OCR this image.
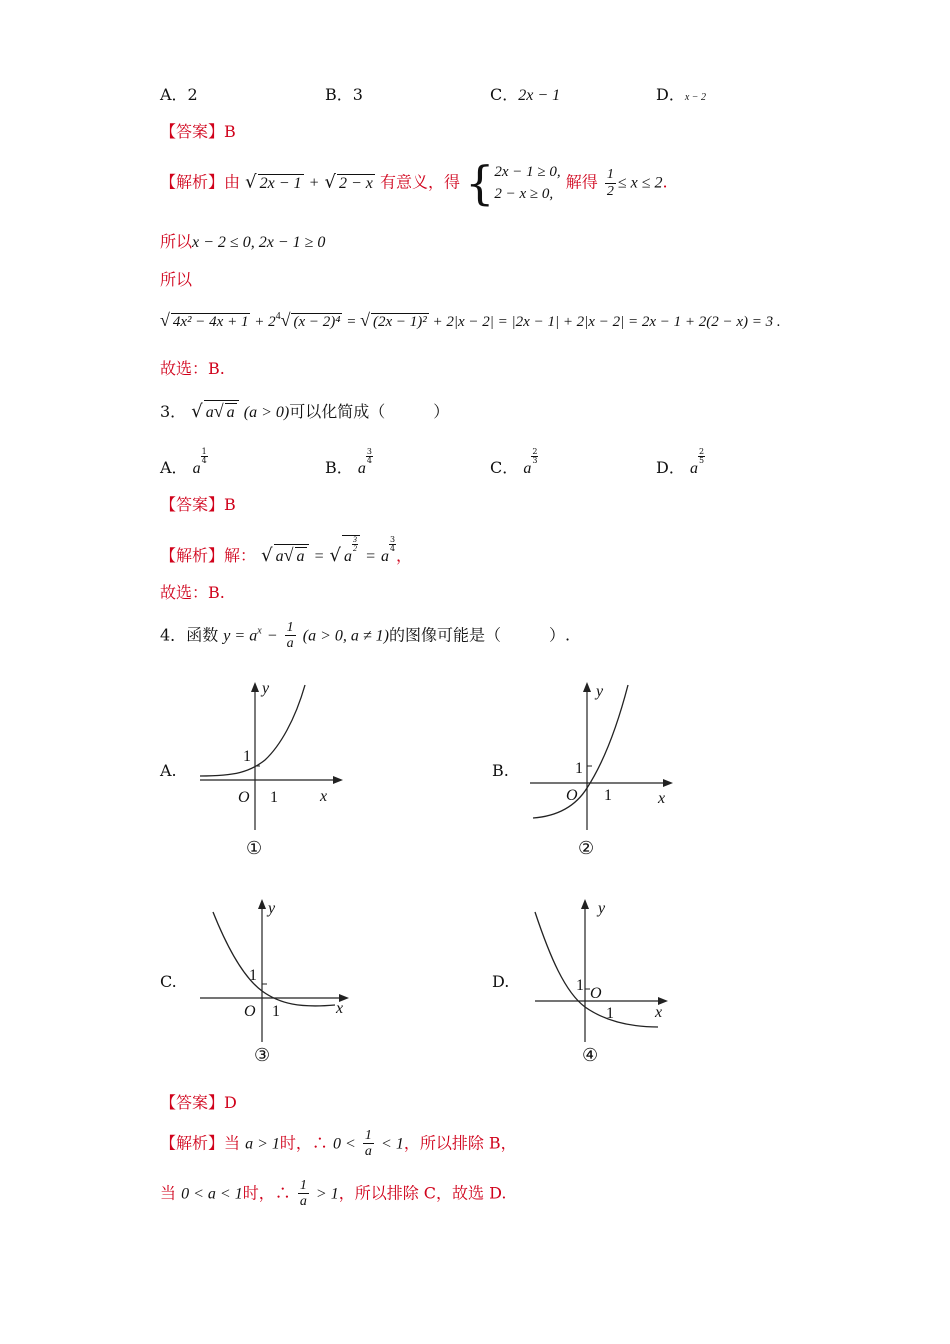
A．2	B．3	C．2x − 1	D．x − 2
【答案】B
【解析】由 √ 2x − 1 + √ 2 − x 有意义，得 { 2x − 1 ≥ 0,
2 − x ≥ 0,
解得 $\frac{1}{2} \le x \le 2$.
所以x − 2 ≤ 0, 2x − 1 ≥ 0
所以
√ $4x^2 - 4x + 1 + 2^4√$ (x − 2)⁴ = √ (2x − 1)² + 2|x − 2| = |2x − 1| + 2|x − 2| = 2x − 1 + 2(2 − x) = 3 .
故选：B.
3． √ a√ a (a > 0)可以化简成（　　　）
A． a
$\frac{1}{4}$
B． a
$\frac{3}{4}$
C． a
$\frac{2}{3}$
D． a
$\frac{2}{5}$
【答案】B
【解析】解： √ a√ a = √ a
$\frac{3}{2}$
= a
$\frac{3}{4}$
，
故选：B.
4．函数 $y = a^x - \frac{1}{a} (a > 0$, a ≠ 1)的图像可能是（　　　）.
A.
y
x
O 1
1
①
B.
y
x
O 1
1
②
C.
y
x
O 1
1
③
D.
y
x
O
1
1
④
【答案】D
【解析】当 a > 1时，∴ $0 < \frac{1}{a} < 1$，所以排除 B，
当 0 < a < 1时，∴ $\frac{1}{a} > 1$，所以排除 C，故选 D.
